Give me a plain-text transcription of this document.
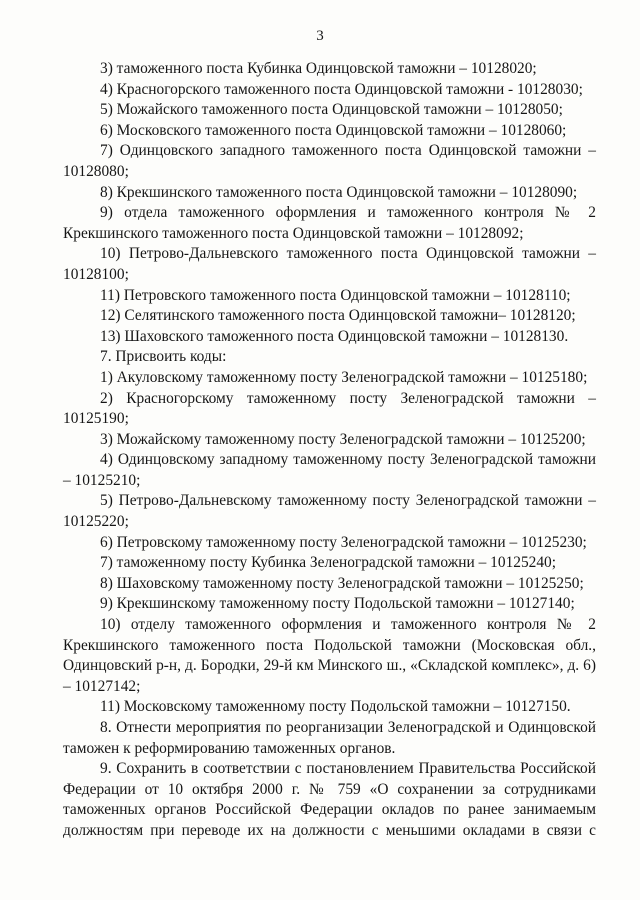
3

3) таможенного поста Кубинка Одинцовской таможни – 10128020;

4) Красногорского таможенного поста Одинцовской таможни - 10128030;

5) Можайского таможенного поста Одинцовской таможни – 10128050;

6) Московского таможенного поста Одинцовской таможни – 10128060;

7) Одинцовского западного таможенного поста Одинцовской таможни – 10128080;

8) Крекшинского таможенного поста Одинцовской таможни – 10128090;

9) отдела таможенного оформления и таможенного контроля № 2 Крекшинского таможенного поста Одинцовской таможни – 10128092;

10) Петрово-Дальневского таможенного поста Одинцовской таможни – 10128100;

11) Петровского таможенного поста Одинцовской таможни – 10128110;

12) Селятинского таможенного поста Одинцовской таможни– 10128120;

13) Шаховского таможенного поста Одинцовской таможни – 10128130.

7. Присвоить коды:

1) Акуловскому таможенному посту Зеленоградской таможни – 10125180;

2) Красногорскому таможенному посту Зеленоградской таможни – 10125190;

3) Можайскому таможенному посту Зеленоградской таможни – 10125200;

4) Одинцовскому западному таможенному посту Зеленоградской таможни – 10125210;

5) Петрово-Дальневскому таможенному посту Зеленоградской таможни – 10125220;

6) Петровскому таможенному посту Зеленоградской таможни – 10125230;

7) таможенному посту Кубинка Зеленоградской таможни – 10125240;

8) Шаховскому таможенному посту Зеленоградской таможни – 10125250;

9) Крекшинскому таможенному посту Подольской таможни – 10127140;

10) отделу таможенного оформления и таможенного контроля № 2 Крекшинского таможенного поста Подольской таможни (Московская обл., Одинцовский р-н, д. Бородки, 29-й км Минского ш., «Складской комплекс», д. 6) – 10127142;

11) Московскому таможенному посту Подольской таможни – 10127150.

8. Отнести мероприятия по реорганизации Зеленоградской и Одинцовской таможен к реформированию таможенных органов.

9. Сохранить в соответствии с постановлением Правительства Российской Федерации от 10 октября 2000 г. № 759 «О сохранении за сотрудниками таможенных органов Российской Федерации окладов по ранее занимаемым должностям при переводе их на должности с меньшими окладами в связи с
